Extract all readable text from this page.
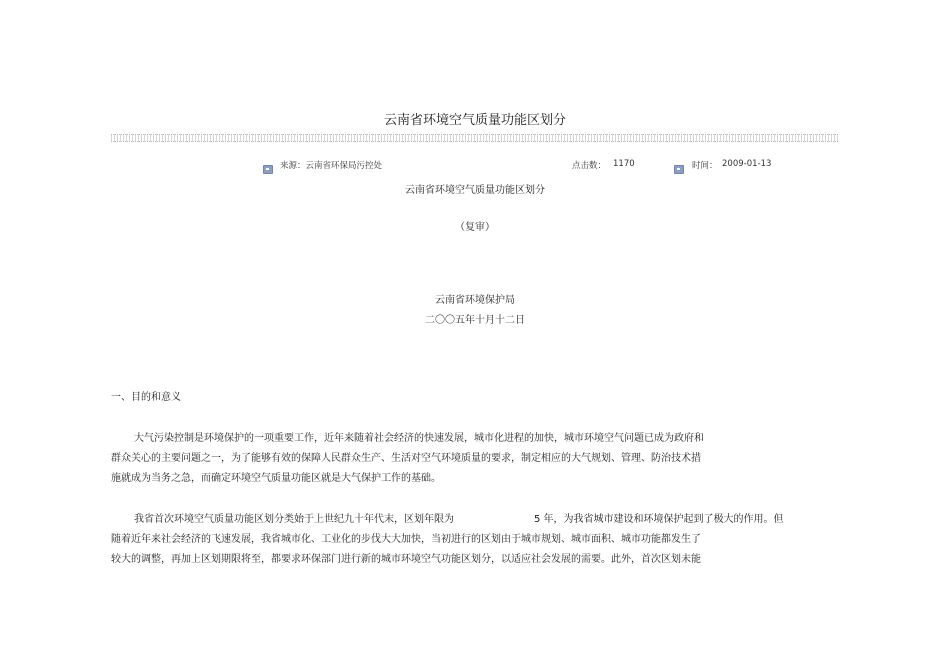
云南省环境空气质量功能区划分
来源：云南省环保局污控处	点击数： 1170	时间： 2009-01-13
云南省环境空气质量功能区划分
（复审）
云南省环境保护局
二〇〇五年十月十二日
一、目的和意义
大气污染控制是环境保护的一项重要工作，近年来随着社会经济的快速发展，城市化进程的加快，城市环境空气问题已成为政府和
群众关心的主要问题之一，为了能够有效的保障人民群众生产、生活对空气环境质量的要求，制定相应的大气规划、管理、防治技术措
施就成为当务之急，而确定环境空气质量功能区就是大气保护工作的基础。
我省首次环境空气质量功能区划分类始于上世纪九十年代末，区划年限为	5 年，为我省城市建设和环境保护起到了极大的作用。但
随着近年来社会经济的飞速发展，我省城市化、工业化的步伐大大加快，当初进行的区划由于城市规划、城市面积、城市功能都发生了
较大的调整，再加上区划期限将至，都要求环保部门进行新的城市环境空气功能区划分，以适应社会发展的需要。此外，首次区划未能
